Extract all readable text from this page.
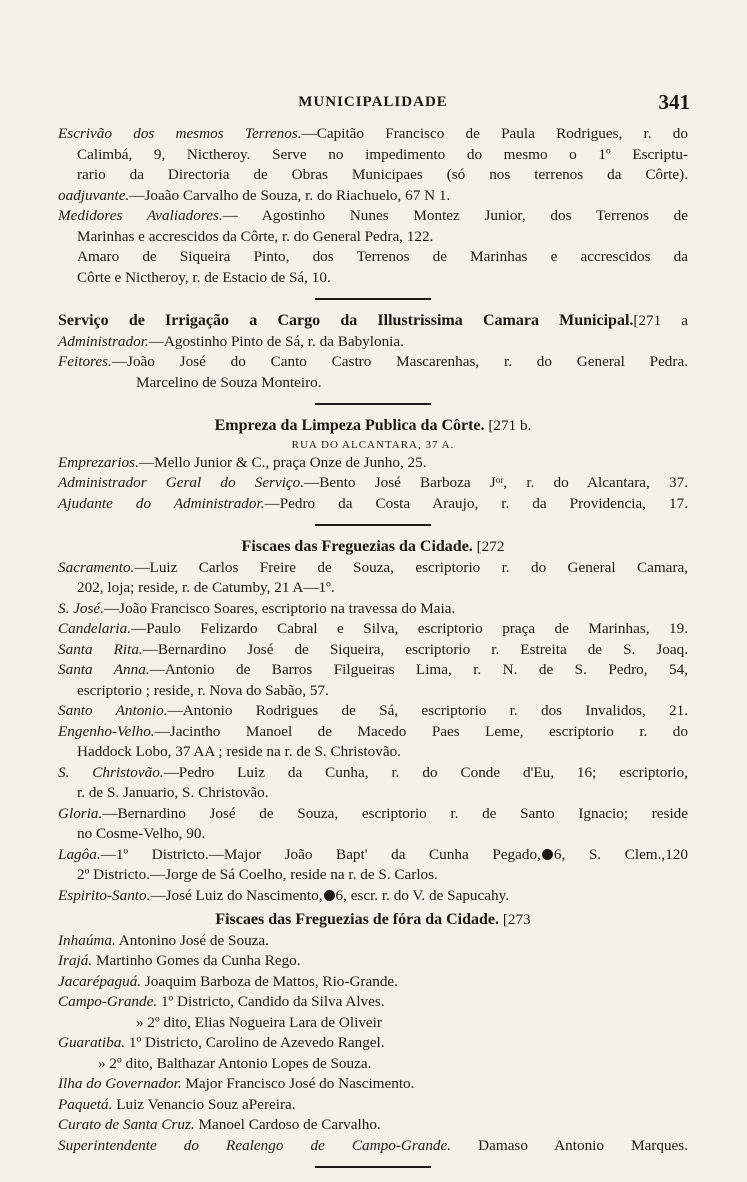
MUNICIPALIDADE	341
Escrivão dos mesmos Terrenos.—Capitão Francisco de Paula Rodrigues, r. do
Calimbá, 9, Nictheroy. Serve no impedimento do mesmo o 1º Escriptu-
rario da Directoria de Obras Municipaes (só nos terrenos da Côrte).
oadjuvante.—Joaão Carvalho de Souza, r. do Riachuelo, 67 N 1.
Medidores Avaliadores.— Agostinho Nunes Montez Junior, dos Terrenos de
Marinhas e accrescidos da Côrte, r. do General Pedra, 122.
Amaro de Siqueira Pinto, dos Terrenos de Marinhas e accrescidos da
Côrte e Nictheroy, r. de Estacio de Sá, 10.
Serviço de Irrigação a Cargo da Illustrissima Camara Municipal.[271 a
Administrador.—Agostinho Pinto de Sá, r. da Babylonia.
Feitores.—João José do Canto Castro Mascarenhas, r. do General Pedra.
Marcelino de Souza Monteiro.
Empreza da Limpeza Publica da Côrte. [271 b.
RUA DO ALCANTARA, 37 A.
Emprezarios.—Mello Junior & C., praça Onze de Junho, 25.
Administrador Geral do Serviço.—Bento José Barboza Jᵒʳ, r. do Alcantara, 37.
Ajudante do Administrador.—Pedro da Costa Araujo, r. da Providencia, 17.
Fiscaes das Freguezias da Cidade. [272
Sacramento.—Luiz Carlos Freire de Souza, escriptorio r. do General Camara,
202, loja; reside, r. de Catumby, 21 A—1º.
S. José.—João Francisco Soares, escriptorio na travessa do Maia.
Candelaria.—Paulo Felizardo Cabral e Silva, escriptorio praça de Marinhas, 19.
Santa Rita.—Bernardino José de Siqueira, escriptorio r. Estreita de S. Joaq.
Santa Anna.—Antonio de Barros Filgueiras Lima, r. N. de S. Pedro, 54,
escriptorio ; reside, r. Nova do Sabão, 57.
Santo Antonio.—Antonio Rodrigues de Sá, escriptorio r. dos Invalidos, 21.
Engenho-Velho.—Jacintho Manoel de Macedo Paes Leme, escriptorio r. do
Haddock Lobo, 37 AA ; reside na r. de S. Christovão.
S. Christovão.—Pedro Luiz da Cunha, r. do Conde d'Eu, 16; escriptorio,
r. de S. Januario, S. Christovão.
Gloria.—Bernardino José de Souza, escriptorio r. de Santo Ignacio; reside
no Cosme-Velho, 90.
Lagôa.—1º Districto.—Major João Bapt' da Cunha Pegado, 6, S. Clem.,120
2º Districto.—Jorge de Sá Coelho, reside na r. de S. Carlos.
Espirito-Santo.—José Luiz do Nascimento, 6, escr. r. do V. de Sapucahy.
Fiscaes das Freguezias de fóra da Cidade. [273
Inhaúma. Antonino José de Souza.
Irajá. Martinho Gomes da Cunha Rego.
Jacarépaguá. Joaquim Barboza de Mattos, Rio-Grande.
Campo-Grande. 1º Districto, Candido da Silva Alves.
» 2º dito, Elias Nogueira Lara de Oliveir
Guaratiba. 1º Districto, Carolino de Azevedo Rangel.
» 2º dito, Balthazar Antonio Lopes de Souza.
Ilha do Governador. Major Francisco José do Nascimento.
Paquetá. Luiz Venancio Souz aPereira.
Curato de Santa Cruz. Manoel Cardoso de Carvalho.
Superintendente do Realengo de Campo-Grande. Damaso Antonio Marques.
